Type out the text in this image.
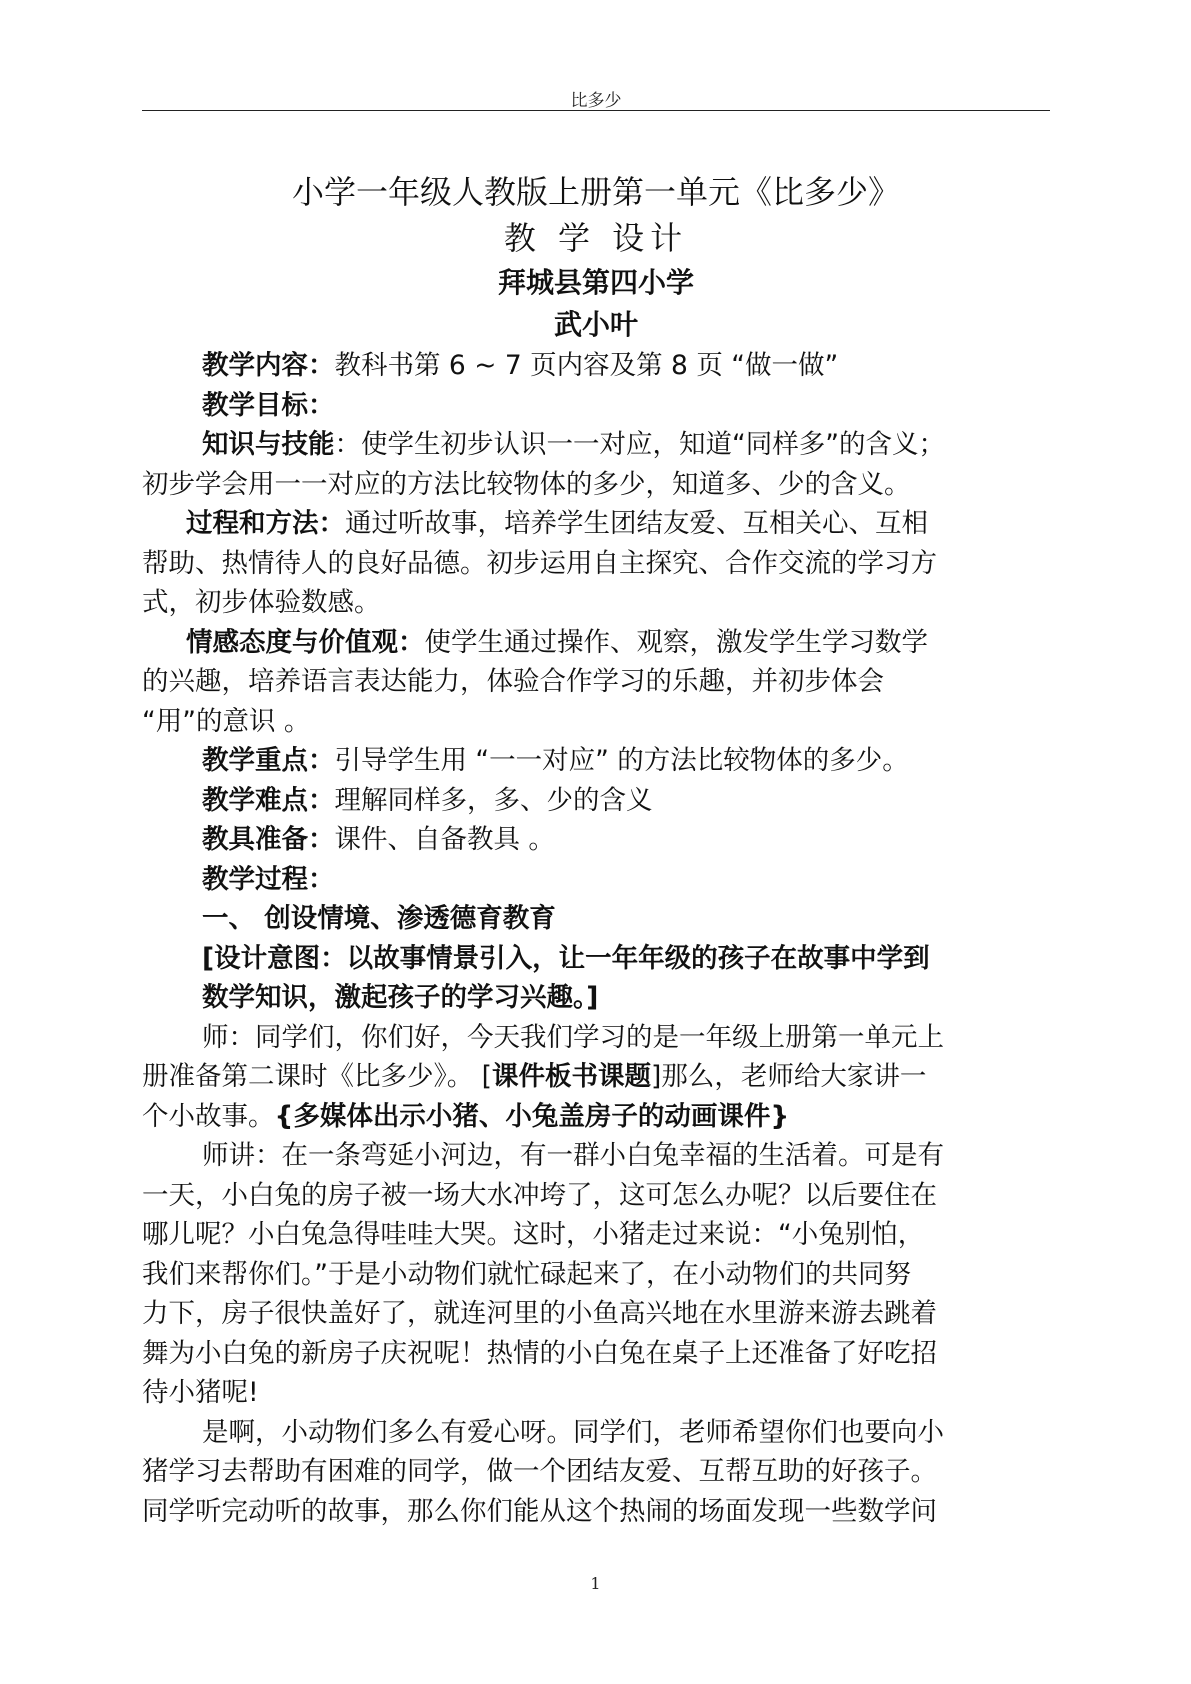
比多少
小学一年级人教版上册第一单元《比多少》
教 学 设计
拜城县第四小学
武小叶

教学内容：教科书第 6 ~ 7 页内容及第 8 页 “做一做”

教学目标：

知识与技能：使学生初步认识一一对应，知道“同样多”的含义；

初步学会用一一对应的方法比较物体的多少，知道多、少的含义。

过程和方法：通过听故事，培养学生团结友爱、互相关心、互相

帮助、热情待人的良好品德。初步运用自主探究、合作交流的学习方

式，初步体验数感。

情感态度与价值观：使学生通过操作、观察，激发学生学习数学

的兴趣，培养语言表达能力，体验合作学习的乐趣，并初步体会

“用”的意识 。

教学重点：引导学生用 “一一对应” 的方法比较物体的多少。

教学难点：理解同样多，多、少的含义

教具准备：课件、自备教具 。

教学过程：

一、 创设情境、渗透德育教育

[设计意图：以故事情景引入，让一年年级的孩子在故事中学到

数学知识，激起孩子的学习兴趣。]

师：同学们，你们好，今天我们学习的是一年级上册第一单元上

册准备第二课时《比多少》。 [课件板书课题]那么，老师给大家讲一

个小故事。{多媒体出示小猪、小兔盖房子的动画课件}

师讲：在一条弯延小河边，有一群小白兔幸福的生活着。可是有

一天，小白兔的房子被一场大水冲垮了，这可怎么办呢？以后要住在

哪儿呢？小白兔急得哇哇大哭。这时，小猪走过来说：“小兔别怕，

我们来帮你们。”于是小动物们就忙碌起来了，在小动物们的共同努

力下，房子很快盖好了，就连河里的小鱼高兴地在水里游来游去跳着

舞为小白兔的新房子庆祝呢！热情的小白兔在桌子上还准备了好吃招

待小猪呢!

是啊，小动物们多么有爱心呀。同学们，老师希望你们也要向小

猪学习去帮助有困难的同学，做一个团结友爱、互帮互助的好孩子。

同学听完动听的故事，那么你们能从这个热闹的场面发现一些数学问

1
